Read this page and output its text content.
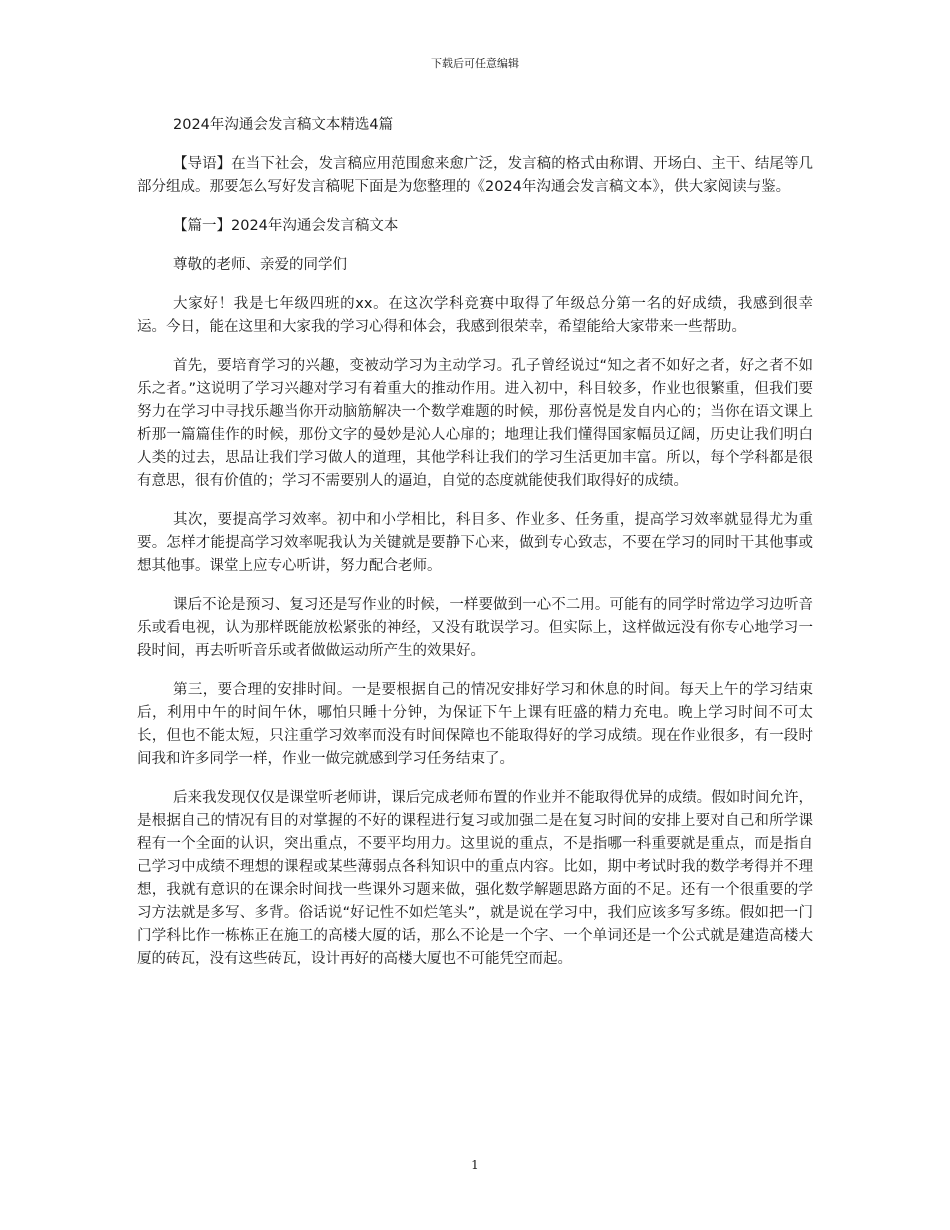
下载后可任意编辑

2024年沟通会发言稿文本精选4篇

【导语】在当下社会，发言稿应用范围愈来愈广泛，发言稿的格式由称谓、开场白、主干、结尾等几部分组成。那要怎么写好发言稿呢下面是为您整理的《2024年沟通会发言稿文本》，供大家阅读与鉴。

【篇一】2024年沟通会发言稿文本

尊敬的老师、亲爱的同学们

大家好！我是七年级四班的xx。在这次学科竞赛中取得了年级总分第一名的好成绩，我感到很幸运。今日，能在这里和大家我的学习心得和体会，我感到很荣幸，希望能给大家带来一些帮助。

首先，要培育学习的兴趣，变被动学习为主动学习。孔子曾经说过“知之者不如好之者，好之者不如乐之者。”这说明了学习兴趣对学习有着重大的推动作用。进入初中，科目较多，作业也很繁重，但我们要努力在学习中寻找乐趣当你开动脑筋解决一个数学难题的时候，那份喜悦是发自内心的；当你在语文课上析那一篇篇佳作的时候，那份文字的曼妙是沁人心扉的；地理让我们懂得国家幅员辽阔，历史让我们明白人类的过去，思品让我们学习做人的道理，其他学科让我们的学习生活更加丰富。所以，每个学科都是很有意思，很有价值的；学习不需要别人的逼迫，自觉的态度就能使我们取得好的成绩。

其次，要提高学习效率。初中和小学相比，科目多、作业多、任务重，提高学习效率就显得尤为重要。怎样才能提高学习效率呢我认为关键就是要静下心来，做到专心致志，不要在学习的同时干其他事或想其他事。课堂上应专心听讲，努力配合老师。

课后不论是预习、复习还是写作业的时候，一样要做到一心不二用。可能有的同学时常边学习边听音乐或看电视，认为那样既能放松紧张的神经，又没有耽误学习。但实际上，这样做远没有你专心地学习一段时间，再去听听音乐或者做做运动所产生的效果好。

第三，要合理的安排时间。一是要根据自己的情况安排好学习和休息的时间。每天上午的学习结束后，利用中午的时间午休，哪怕只睡十分钟，为保证下午上课有旺盛的精力充电。晚上学习时间不可太长，但也不能太短，只注重学习效率而没有时间保障也不能取得好的学习成绩。现在作业很多，有一段时间我和许多同学一样，作业一做完就感到学习任务结束了。

后来我发现仅仅是课堂听老师讲，课后完成老师布置的作业并不能取得优异的成绩。假如时间允许，是根据自己的情况有目的对掌握的不好的课程进行复习或加强二是在复习时间的安排上要对自己和所学课程有一个全面的认识，突出重点，不要平均用力。这里说的重点，不是指哪一科重要就是重点，而是指自己学习中成绩不理想的课程或某些薄弱点各科知识中的重点内容。比如，期中考试时我的数学考得并不理想，我就有意识的在课余时间找一些课外习题来做，强化数学解题思路方面的不足。还有一个很重要的学习方法就是多写、多背。俗话说“好记性不如烂笔头”，就是说在学习中，我们应该多写多练。假如把一门门学科比作一栋栋正在施工的高楼大厦的话，那么不论是一个字、一个单词还是一个公式就是建造高楼大厦的砖瓦，没有这些砖瓦，设计再好的高楼大厦也不可能凭空而起。

1
